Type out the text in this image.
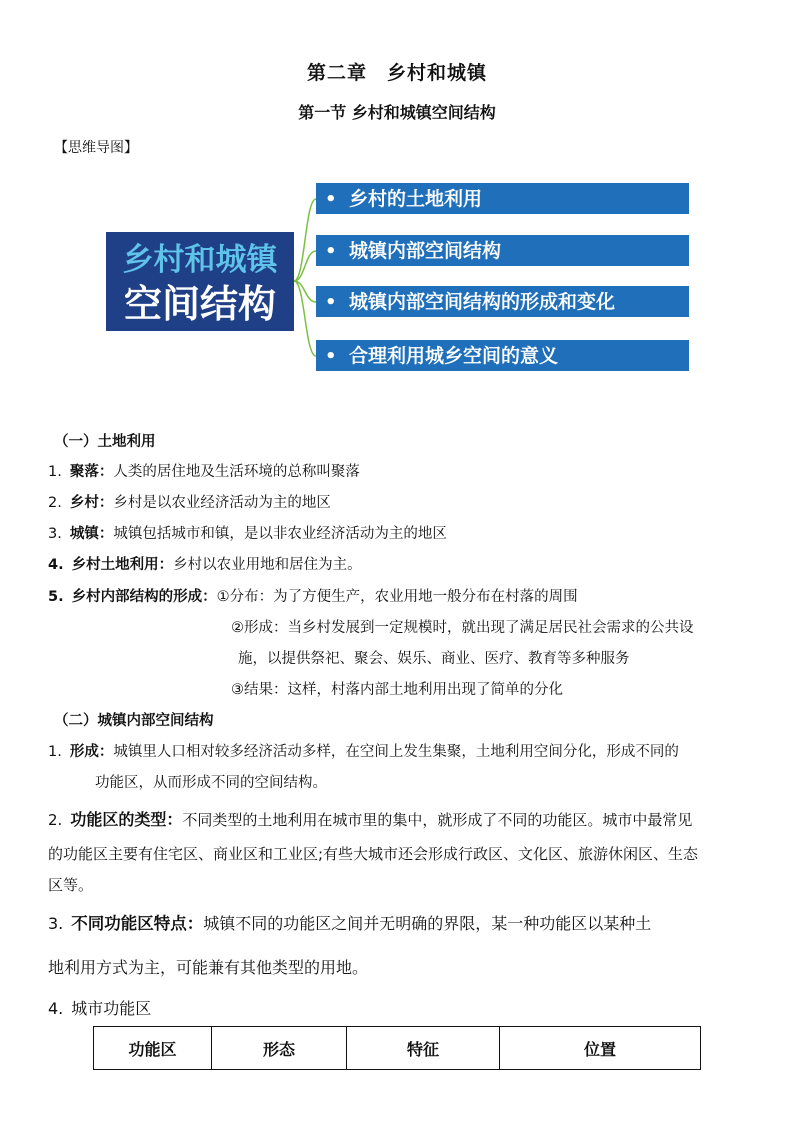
第二章　乡村和城镇
第一节 乡村和城镇空间结构
【思维导图】
乡村和城镇
空间结构
• 乡村的土地利用
• 城镇内部空间结构
• 城镇内部空间结构的形成和变化
• 合理利用城乡空间的意义
（一）土地利用
1. 聚落：人类的居住地及生活环境的总称叫聚落
2. 乡村：乡村是以农业经济活动为主的地区
3. 城镇：城镇包括城市和镇，是以非农业经济活动为主的地区
4. 乡村土地利用：乡村以农业用地和居住为主。
5. 乡村内部结构的形成：①分布：为了方便生产，农业用地一般分布在村落的周围
②形成：当乡村发展到一定规模时，就出现了满足居民社会需求的公共设
施，以提供祭祀、聚会、娱乐、商业、医疗、教育等多种服务
③结果：这样，村落内部土地利用出现了简单的分化
（二）城镇内部空间结构
1. 形成：城镇里人口相对较多经济活动多样，在空间上发生集聚，土地利用空间分化，形成不同的
功能区，从而形成不同的空间结构。
2. 功能区的类型：不同类型的土地利用在城市里的集中，就形成了不同的功能区。城市中最常见
的功能区主要有住宅区、商业区和工业区;有些大城市还会形成行政区、文化区、旅游休闲区、生态
区等。
3. 不同功能区特点：城镇不同的功能区之间并无明确的界限，某一种功能区以某种土
地利用方式为主，可能兼有其他类型的用地。
4. 城市功能区
功能区	形态	特征	位置
